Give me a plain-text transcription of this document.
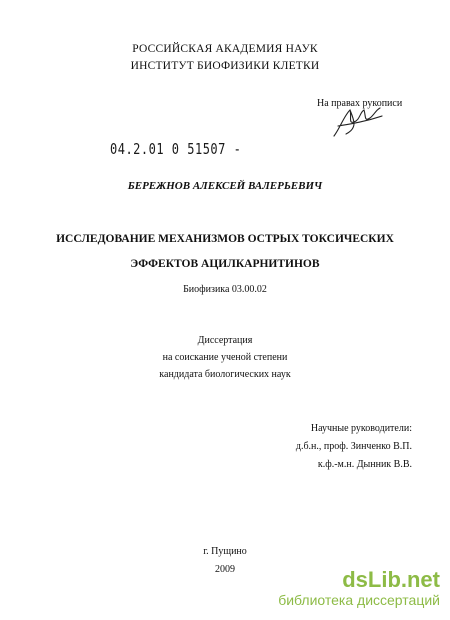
РОССИЙСКАЯ АКАДЕМИЯ НАУК
ИНСТИТУТ БИОФИЗИКИ КЛЕТКИ
На правах рукописи
04.2.01 0 51507 -
БЕРЕЖНОВ АЛЕКСЕЙ ВАЛЕРЬЕВИЧ
ИССЛЕДОВАНИЕ МЕХАНИЗМОВ ОСТРЫХ ТОКСИЧЕСКИХ
ЭФФЕКТОВ АЦИЛКАРНИТИНОВ
Биофизика 03.00.02
Диссертация
на соискание ученой степени
кандидата биологических наук
Научные руководители:
д.б.н., проф. Зинченко В.П.
к.ф.-м.н. Дынник В.В.
г. Пущино
2009	dsLib.net
библиотека диссертаций
